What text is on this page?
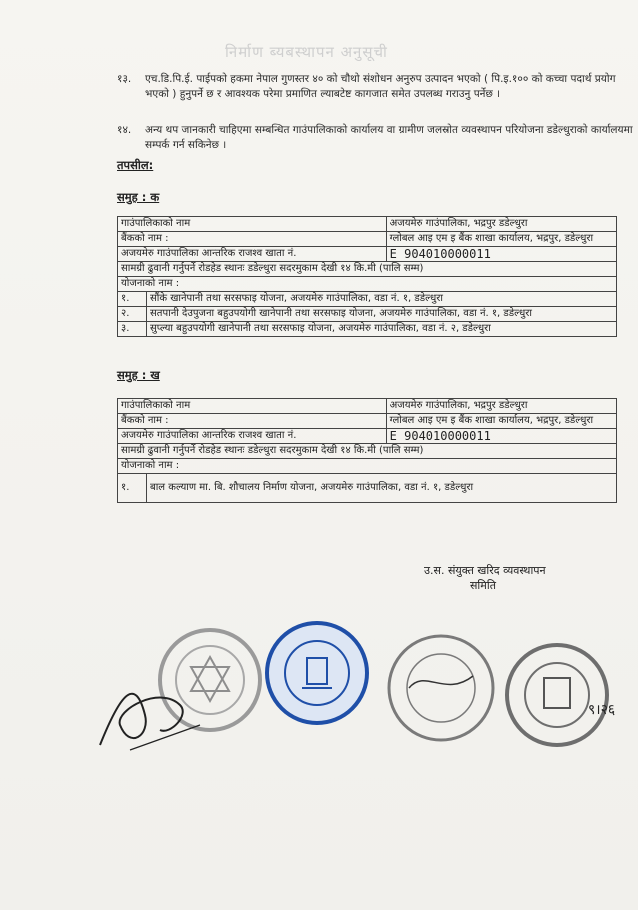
निर्माण ब्यबस्थापन अनुसूची
१३. एच.डि.पि.ई. पाईपको हकमा नेपाल गुणस्तर ४० को चौथो संशोधन अनुरुप उत्पादन भएको ( पि.इ.१०० को कच्चा पदार्थ प्रयोग भएको ) हुनुपर्ने छ र आवश्यक परेमा प्रमाणित ल्याबटेष्ट कागजात समेत उपलब्ध गराउनु पर्नेछ ।
१४. अन्य थप जानकारी चाहिएमा सम्बन्धित गाउंपालिकाको कार्यालय वा ग्रामीण जलस्रोत व्यवस्थापन परियोजना डडेल्धुराको कार्यालयमा सम्पर्क गर्न सकिनेछ ।
तपसील:
समुह : क
गाउंपालिकाको नाम		अजयमेरु गाउंपालिका, भद्रपुर डडेल्धुरा
बैंकको नाम :		ग्लोबल आइ एम इ बैंक शाखा कार्यालय, भद्रपुर, डडेल्धुरा
अजयमेरु गाउंपालिका आन्तरिक राजश्व खाता नं.		E 904010000011
सामग्री ढुवानी गर्नुपर्ने रोडहेड स्थानः डडेल्धुरा सदरमुकाम देखी १४ कि.मी (पालि सम्म)		
योजनाको नाम :		
१.	सौंके खानेपानी तथा सरसफाइ योजना, अजयमेरु गाउंपालिका, वडा नं. १, डडेल्धुरा	
२.	सतपानी देउपुजना बहुउपयोगी खानेपानी तथा सरसफाइ योजना, अजयमेरु गाउंपालिका, वडा नं. १, डडेल्धुरा	
३.	सुप्ल्या बहुउपयोगी खानेपानी तथा सरसफाइ योजना, अजयमेरु गाउंपालिका, वडा नं. २, डडेल्धुरा	
समुह : ख
गाउंपालिकाको नाम		अजयमेरु गाउंपालिका, भद्रपुर डडेल्धुरा
बैंकको नाम :		ग्लोबल आइ एम इ बैंक शाखा कार्यालय, भद्रपुर, डडेल्धुरा
अजयमेरु गाउंपालिका आन्तरिक राजश्व खाता नं.		E 904010000011
सामग्री ढुवानी गर्नुपर्ने रोडहेड स्थानः डडेल्धुरा सदरमुकाम देखी १४ कि.मी (पालि सम्म)		
योजनाको नाम :		
१.	बाल कल्याण मा. बि. शौचालय निर्माण योजना, अजयमेरु गाउंपालिका, वडा नं. १, डडेल्धुरा	
उ.स. संयुक्त खरिद व्यवस्थापन
समिति
९।२६
